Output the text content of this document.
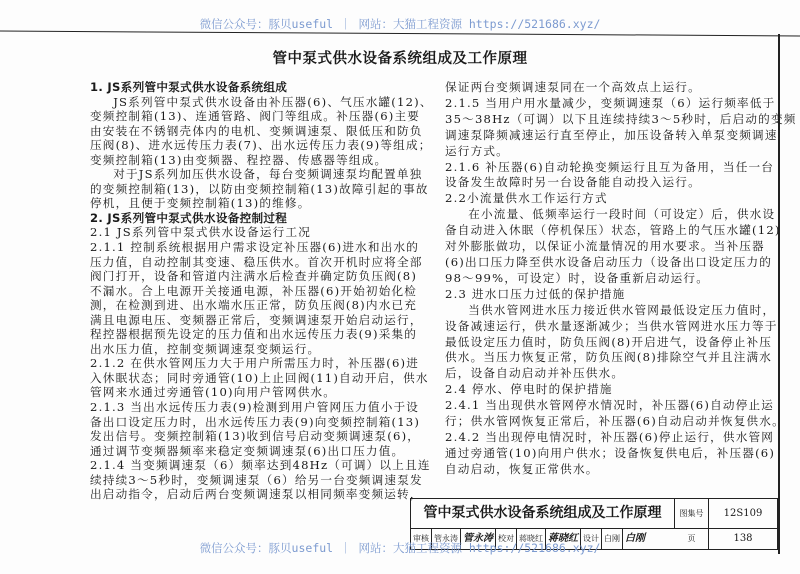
微信公众号：豚贝useful ｜ 网站：大猫工程资源 https://521686.xyz/
管中泵式供水设备系统组成及工作原理
1. JS系列管中泵式供水设备系统组成
JS系列管中泵式供水设备由补压器(6)、气压水罐(12)、
变频控制箱(13)、连通管路、阀门等组成。补压器(6)主要
由安装在不锈钢壳体内的电机、变频调速泵、限低压和防负
压阀(8)、进水远传压力表(7)、出水远传压力表(9)等组成；
变频控制箱(13)由变频器、程控器、传感器等组成。
对于JS系列加压供水设备，每台变频调速泵均配置单独
的变频控制箱(13)，以防由变频控制箱(13)故障引起的事故
停机，且便于变频控制箱(13)的维修。
2. JS系列管中泵式供水设备控制过程
2.1 JS系列管中泵式供水设备运行工况
2.1.1 控制系统根据用户需求设定补压器(6)进水和出水的
压力值，自动控制其变速、稳压供水。首次开机时应将全部
阀门打开，设备和管道内注满水后检查并确定防负压阀(8)
不漏水。合上电源开关接通电源，补压器(6)开始初始化检
测，在检测到进、出水端水压正常，防负压阀(8)内水已充
满且电源电压、变频器正常后，变频调速泵开始启动运行，
程控器根据预先设定的压力值和出水远传压力表(9)采集的
出水压力值，控制变频调速泵变频运行。
2.1.2 在供水管网压力大于用户所需压力时，补压器(6)进
入休眠状态；同时旁通管(10)上止回阀(11)自动开启，供水
管网来水通过旁通管(10)向用户管网供水。
2.1.3 当出水远传压力表(9)检测到用户管网压力值小于设
备出口设定压力时，出水远传压力表(9)向变频控制箱(13)
发出信号。变频控制箱(13)收到信号启动变频调速泵(6)，
通过调节变频器频率来稳定变频调速泵(6)出口压力值。
2.1.4 当变频调速泵（6）频率达到48Hz（可调）以上且连
续持续3～5秒时，变频调速泵（6）给另一台变频调速泵发
出启动指令，启动后两台变频调速泵以相同频率变频运转，
保证两台变频调速泵同在一个高效点上运行。
2.1.5 当用户用水量减少，变频调速泵（6）运行频率低于
35～38Hz（可调）以下且连续持续3～5秒时，后启动的变频
调速泵降频减速运行直至停止，加压设备转入单泵变频调速
运行方式。
2.1.6 补压器(6)自动轮换变频运行且互为备用，当任一台
设备发生故障时另一台设备能自动投入运行。
2.2小流量供水工作运行方式
在小流量、低频率运行一段时间（可设定）后，供水设
备自动进入休眠（停机保压）状态，管路上的气压水罐(12)
对外膨胀做功，以保证小流量情况的用水要求。当补压器
(6)出口压力降至供水设备启动压力（设备出口设定压力的
98～99%，可设定）时，设备重新启动运行。
2.3 进水口压力过低的保护措施
当供水管网进水压力接近供水管网最低设定压力值时，
设备减速运行，供水量逐渐减少；当供水管网进水压力等于
最低设定压力值时，防负压阀(8)开启进气，设备停止补压
供水。当压力恢复正常，防负压阀(8)排除空气并且注满水
后，设备自动启动并补压供水。
2.4 停水、停电时的保护措施
2.4.1 当出现供水管网停水情况时，补压器(6)自动停止运
行；供水管网恢复正常后，补压器(6)自动启动并恢复供水。
2.4.2 当出现停电情况时，补压器(6)停止运行，供水管网
通过旁通管(10)向用户供水；设备恢复供电后，补压器(6)
自动启动，恢复正常供水。
管中泵式供水设备系统组成及工作原理	图集号	12S109
审核 管永涛 管永涛 校对 蒋晓红 蒋晓红 设计 白刚 白刚	页	138
微信公众号：豚贝useful ｜ 网站：大猫工程资源 https://521686.xyz/
